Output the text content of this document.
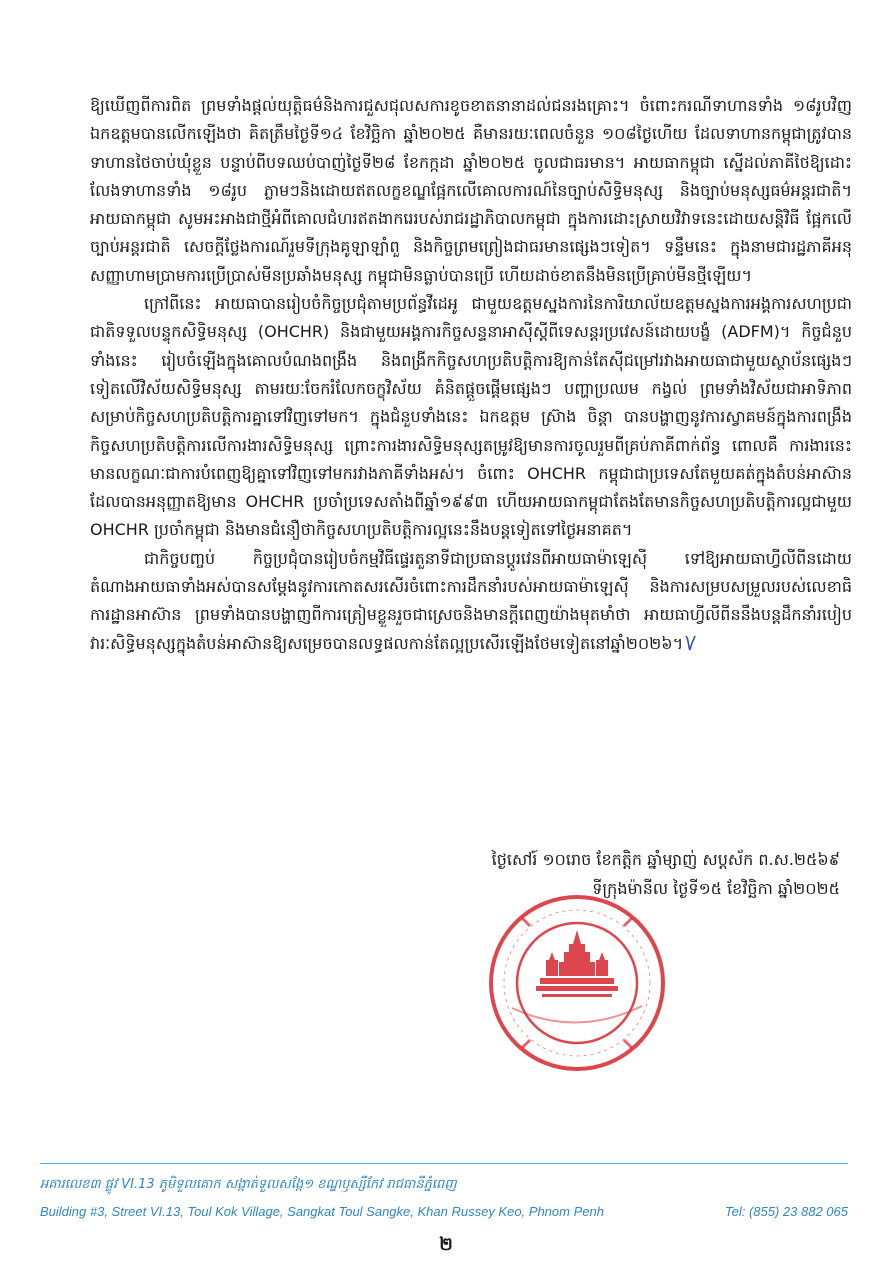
ឱ្យឃើញពីការពិត ព្រមទាំងផ្ដល់យុត្តិធម៌និងការជួសជុលសការខូចខាតនានាដល់ជនរងគ្រោះ។ ចំពោះករណីទាហានទាំង ១៨រូបវិញ ឯកឧត្តមបានលើកឡើងថា គិតត្រឹមថ្ងៃទី១៤ ខែវិច្ឆិកា ឆ្នាំ២០២៥ គឺមានរយៈពេលចំនួន ១០៨ថ្ងៃហើយ ដែលទាហានកម្ពុជាត្រូវបានទាហានថៃចាប់ឃុំខ្លួន បន្ទាប់ពីបទឈប់បាញ់ថ្ងៃទី២៨ ខែកក្កដា ឆ្នាំ២០២៥ ចូលជាធរមាន។ អាយធាកម្ពុជា ស្នើដល់ភាគីថៃឱ្យដោះលែងទាហានទាំង ១៨រូប ភ្លាមៗនិងដោយឥតលក្ខខណ្ឌផ្អែកលើគោលការណ៍នៃច្បាប់សិទ្ធិមនុស្ស និងច្បាប់មនុស្សធម៌អន្តរជាតិ។ អាយធាកម្ពុជា សូមអះអាងជាថ្មីអំពីគោលជំហរឥតងាករេរបស់រាជរដ្ឋាភិបាលកម្ពុជា ក្នុងការដោះស្រាយវិវាទនេះដោយសន្តិវិធី ផ្អែកលើច្បាប់អន្តរជាតិ សេចក្ដីថ្លែងការណ៍រួមទីក្រុងគូឡាឡាំពួ និងកិច្ចព្រមព្រៀងជាធរមានផ្សេងៗទៀត។ ទន្ទឹមនេះ ក្នុងនាមជារដ្ឋភាគីអនុសញ្ញាហាមប្រាមការប្រើប្រាស់មីនប្រឆាំងមនុស្ស កម្ពុជាមិនធ្លាប់បានប្រើ ហើយដាច់ខាតនឹងមិនប្រើគ្រាប់មីនថ្មីឡើយ។

ក្រៅពីនេះ អាយធាបានរៀបចំកិច្ចប្រជុំតាមប្រព័ន្ធវីដេអូ ជាមួយឧត្តមស្នងការនៃការិយាល័យឧត្តមស្នងការអង្គការសហប្រជាជាតិទទួលបន្ទុកសិទ្ធិមនុស្ស (OHCHR) និងជាមួយអង្គការកិច្ចសន្ទនាអាស៊ីស្ដីពីទេសន្តរប្រវេសន៍ដោយបង្ខំ (ADFM)។ កិច្ចជំនួបទាំងនេះ រៀបចំឡើងក្នុងគោលបំណងពង្រឹង និងពង្រីកកិច្ចសហប្រតិបត្តិការឱ្យកាន់តែស៊ីជម្រៅរវាងអាយធាជាមួយស្ថាប័នផ្សេងៗទៀតលើវិស័យសិទ្ធិមនុស្ស តាមរយៈចែករំលែកចក្ខុវិស័យ គំនិតផ្ដួចផ្ដើមផ្សេងៗ បញ្ហាប្រឈម កង្វល់ ព្រមទាំងវិស័យជាអាទិភាពសម្រាប់កិច្ចសហប្រតិបត្តិការគ្នាទៅវិញទៅមក។ ក្នុងជំនួបទាំងនេះ ឯកឧត្តម ស្រ៊ាង ចិន្តា បានបង្ហាញនូវការស្វាគមន៍ក្នុងការពង្រឹងកិច្ចសហប្រតិបត្តិការលើការងារសិទ្ធិមនុស្ស ព្រោះការងារសិទ្ធិមនុស្សតម្រូវឱ្យមានការចូលរួមពីគ្រប់ភាគីពាក់ព័ន្ធ ពោលគឺ ការងារនេះមានលក្ខណៈជាការបំពេញឱ្យគ្នាទៅវិញទៅមករវាងភាគីទាំងអស់។ ចំពោះ OHCHR កម្ពុជាជាប្រទេសតែមួយគត់ក្នុងតំបន់អាស៊ានដែលបានអនុញ្ញាតឱ្យមាន OHCHR ប្រចាំប្រទេសតាំងពីឆ្នាំ១៩៩៣ ហើយអាយធាកម្ពុជាតែងតែមានកិច្ចសហប្រតិបត្តិការល្អជាមួយ OHCHR ប្រចាំកម្ពុជា និងមានជំនឿថាកិច្ចសហប្រតិបត្តិការល្អនេះនឹងបន្តទៀតទៅថ្ងៃអនាគត។

ជាកិច្ចបញ្ចប់ កិច្ចប្រជុំបានរៀបចំកម្មវិធីផ្ទេរតួនាទីជាប្រធានប្ដូរវេនពីអាយធាម៉ាឡេស៊ី ទៅឱ្យអាយធាហ្វីលីពីនដោយតំណាងអាយធាទាំងអស់បានសម្ដែងនូវការកោតសរសើរចំពោះការដឹកនាំរបស់អាយធាម៉ាឡេស៊ី និងការសម្របសម្រួលរបស់លេខាធិការដ្ឋានអាស៊ាន ព្រមទាំងបានបង្ហាញពីការត្រៀមខ្លួនរួចជាស្រេចនិងមានក្ដីពេញយ៉ាងមុតមាំថា អាយធាហ្វីលីពីននឹងបន្តដឹកនាំរបៀបវារៈសិទ្ធិមនុស្សក្នុងតំបន់អាស៊ានឱ្យសម្រេចបានលទ្ធផលកាន់តែល្អប្រសើរឡើងថែមទៀតនៅឆ្នាំ២០២៦។

ថ្ងៃសៅរ៍ ១០រោច ខែកត្តិក ឆ្នាំម្សាញ់ សប្តស័ក ព.ស.២៥៦៩
ទីក្រុងម៉ានីល ថ្ងៃទី១៥ ខែវិច្ឆិកា ឆ្នាំ២០២៥
អគារលេខ៣ ផ្លូវ VI.13 ភូមិទួលគោក សង្កាត់ទួលសង្កែ១ ខណ្ឌឫស្សីកែវ រាជធានីភ្នំពេញ
Building #3, Street VI.13, Toul Kok Village, Sangkat Toul Sangke, Khan Russey Keo, Phnom Penh	Tel: (855) 23 882 065
២
